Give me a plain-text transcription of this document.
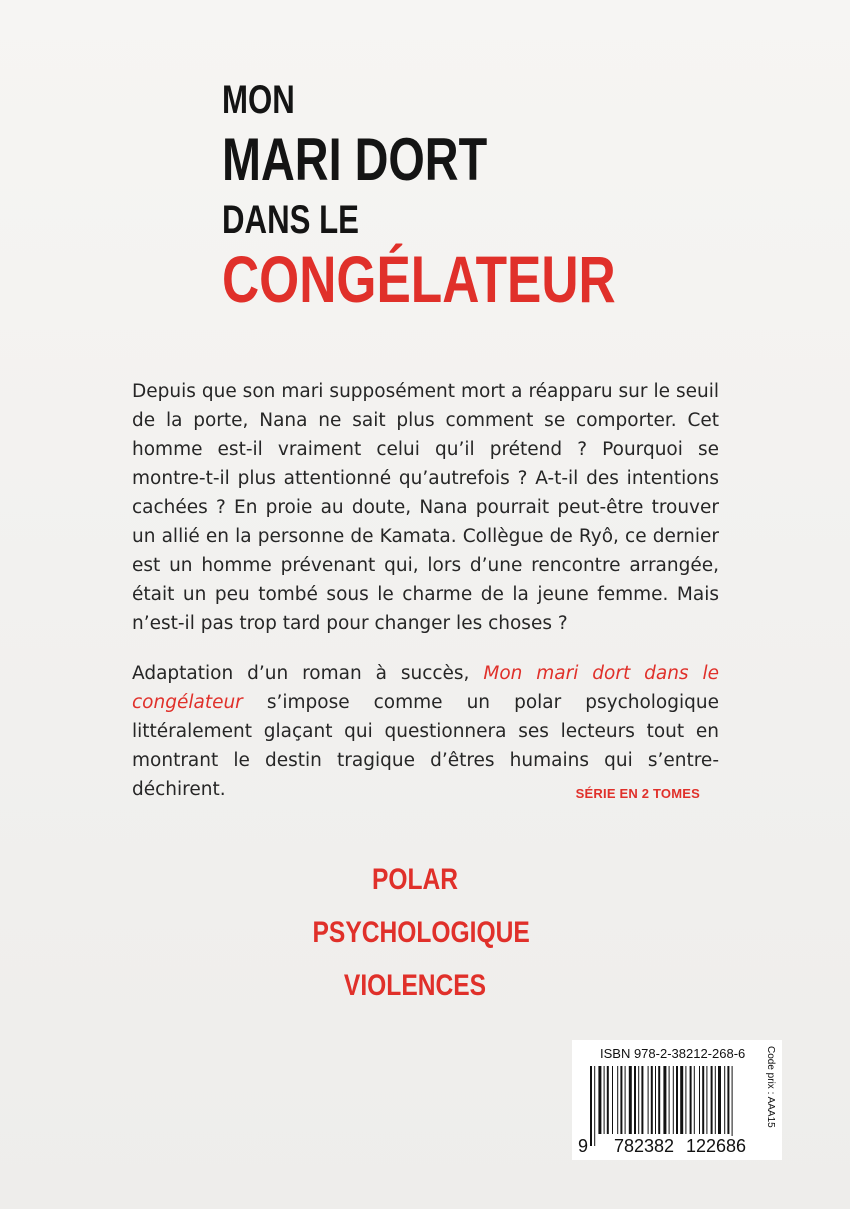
MON
MARI DORT
DANS LE
CONGÉLATEUR

Depuis que son mari supposément mort a réapparu sur le seuil de la porte, Nana ne sait plus comment se comporter. Cet homme est-il vraiment celui qu’il prétend ? Pourquoi se montre-t-il plus attentionné qu’autrefois ? A-t-il des intentions cachées ? En proie au doute, Nana pourrait peut-être trouver un allié en la personne de Kamata. Collègue de Ryô, ce dernier est un homme prévenant qui, lors d’une rencontre arrangée, était un peu tombé sous le charme de la jeune femme. Mais n’est-il pas trop tard pour changer les choses ?

Adaptation d’un roman à succès, Mon mari dort dans le congélateur s’impose comme un polar psychologique littéralement glaçant qui questionnera ses lecteurs tout en montrant le destin tragique d’êtres humains qui s’entre-déchirent.	SÉRIE EN 2 TOMES
POLAR
PSYCHOLOGIQUE
VIOLENCES
ISBN 978-2-38212-268-6
9 782382 122686
Code prix : AAA15
